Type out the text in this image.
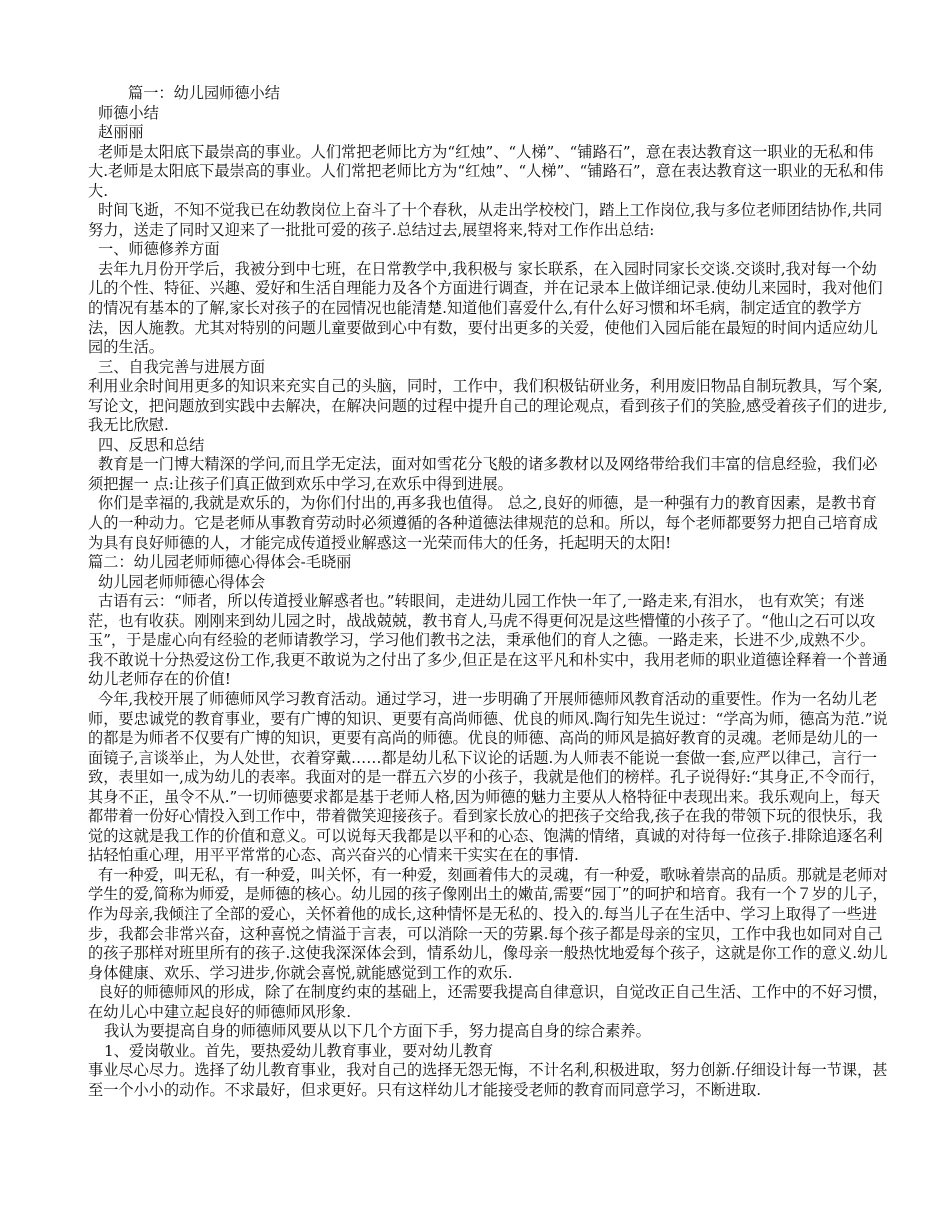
篇一：幼儿园师德小结

师德小结

赵丽丽

老师是太阳底下最崇高的事业。人们常把老师比方为“红烛”、“人梯”、“铺路石”，意在表达教育这一职业的无私和伟大.老师是太阳底下最崇高的事业。人们常把老师比方为“红烛”、“人梯”、“铺路石”，意在表达教育这一职业的无私和伟大.

时间飞逝，不知不觉我已在幼教岗位上奋斗了十个春秋，从走出学校校门，踏上工作岗位,我与多位老师团结协作,共同努力，送走了同时又迎来了一批批可爱的孩子.总结过去,展望将来,特对工作作出总结:

一、师德修养方面

去年九月份开学后，我被分到中七班，在日常教学中,我积极与 家长联系，在入园时同家长交谈.交谈时,我对每一个幼儿的个性、特征、兴趣、爱好和生活自理能力及各个方面进行调查，并在记录本上做详细记录.使幼儿来园时，我对他们的情况有基本的了解,家长对孩子的在园情况也能清楚.知道他们喜爱什么,有什么好习惯和坏毛病，制定适宜的教学方法，因人施教。尤其对特别的问题儿童要做到心中有数，要付出更多的关爱，使他们入园后能在最短的时间内适应幼儿园的生活。

三、自我完善与进展方面

利用业余时间用更多的知识来充实自己的头脑，同时，工作中，我们积极钻研业务，利用废旧物品自制玩教具，写个案,写论文，把问题放到实践中去解决，在解决问题的过程中提升自己的理论观点，看到孩子们的笑脸,感受着孩子们的进步,我无比欣慰.

四、反思和总结

教育是一门博大精深的学问,而且学无定法，面对如雪花分飞般的诸多教材以及网络带给我们丰富的信息经验，我们必须把握一 点:让孩子们真正做到欢乐中学习,在欢乐中得到进展。

你们是幸福的,我就是欢乐的，为你们付出的,再多我也值得。 总之,良好的师德，是一种强有力的教育因素，是教书育人的一种动力。它是老师从事教育劳动时必须遵循的各种道德法律规范的总和。所以，每个老师都要努力把自己培育成为具有良好师德的人，才能完成传道授业解惑这一光荣而伟大的任务，托起明天的太阳!

篇二：幼儿园老师师德心得体会-毛晓丽

幼儿园老师师德心得体会

古语有云：“师者，所以传道授业解惑者也。”转眼间，走进幼儿园工作快一年了,一路走来,有泪水， 也有欢笑；有迷茫，也有收获。刚刚来到幼儿园之时，战战兢兢，教书育人,马虎不得更何况是这些懵懂的小孩子了。“他山之石可以攻玉”，于是虚心向有经验的老师请教学习，学习他们教书之法，秉承他们的育人之德。一路走来，长进不少,成熟不少。我不敢说十分热爱这份工作,我更不敢说为之付出了多少,但正是在这平凡和朴实中，我用老师的职业道德诠释着一个普通幼儿老师存在的价值!

今年,我校开展了师德师风学习教育活动。通过学习，进一步明确了开展师德师风教育活动的重要性。作为一名幼儿老师，要忠诚党的教育事业，要有广博的知识、更要有高尚师德、优良的师风.陶行知先生说过：“学高为师，德高为范.”说的都是为师者不仅要有广博的知识，更要有高尚的师德。优良的师德、高尚的师风是搞好教育的灵魂。老师是幼儿的一面镜子,言谈举止，为人处世，衣着穿戴……都是幼儿私下议论的话题.为人师表不能说一套做一套,应严以律己，言行一致，表里如一,成为幼儿的表率。我面对的是一群五六岁的小孩子，我就是他们的榜样。孔子说得好:“其身正,不令而行，其身不正，虽令不从.”一切师德要求都是基于老师人格,因为师德的魅力主要从人格特征中表现出来。我乐观向上，每天都带着一份好心情投入到工作中，带着微笑迎接孩子。看到家长放心的把孩子交给我,孩子在我的带领下玩的很快乐，我觉的这就是我工作的价值和意义。可以说每天我都是以平和的心态、饱满的情绪，真诚的对待每一位孩子.排除追逐名利拈轻怕重心理，用平平常常的心态、高兴奋兴的心情来干实实在在的事情.

有一种爱，叫无私，有一种爱，叫关怀，有一种爱，刻画着伟大的灵魂，有一种爱，歌咏着崇高的品质。那就是老师对学生的爱,简称为师爱，是师德的核心。幼儿园的孩子像刚出土的嫩苗,需要“园丁”的呵护和培育。我有一个７岁的儿子，作为母亲,我倾注了全部的爱心，关怀着他的成长,这种情怀是无私的、投入的.每当儿子在生活中、学习上取得了一些进步，我都会非常兴奋，这种喜悦之情溢于言表，可以消除一天的劳累.每个孩子都是母亲的宝贝，工作中我也如同对自己的孩子那样对班里所有的孩子.这使我深深体会到，情系幼儿，像母亲一般热忱地爱每个孩子，这就是你工作的意义.幼儿身体健康、欢乐、学习进步,你就会喜悦,就能感觉到工作的欢乐.

良好的师德师风的形成，除了在制度约束的基础上，还需要我提高自律意识，自觉改正自己生活、工作中的不好习惯，在幼儿心中建立起良好的师德师风形象.

我认为要提高自身的师德师风要从以下几个方面下手，努力提高自身的综合素养。

1、爱岗敬业。首先，要热爱幼儿教育事业，要对幼儿教育

事业尽心尽力。选择了幼儿教育事业，我对自己的选择无怨无悔，不计名利,积极进取，努力创新.仔细设计每一节课，甚至一个小小的动作。不求最好，但求更好。只有这样幼儿才能接受老师的教育而同意学习，不断进取.
